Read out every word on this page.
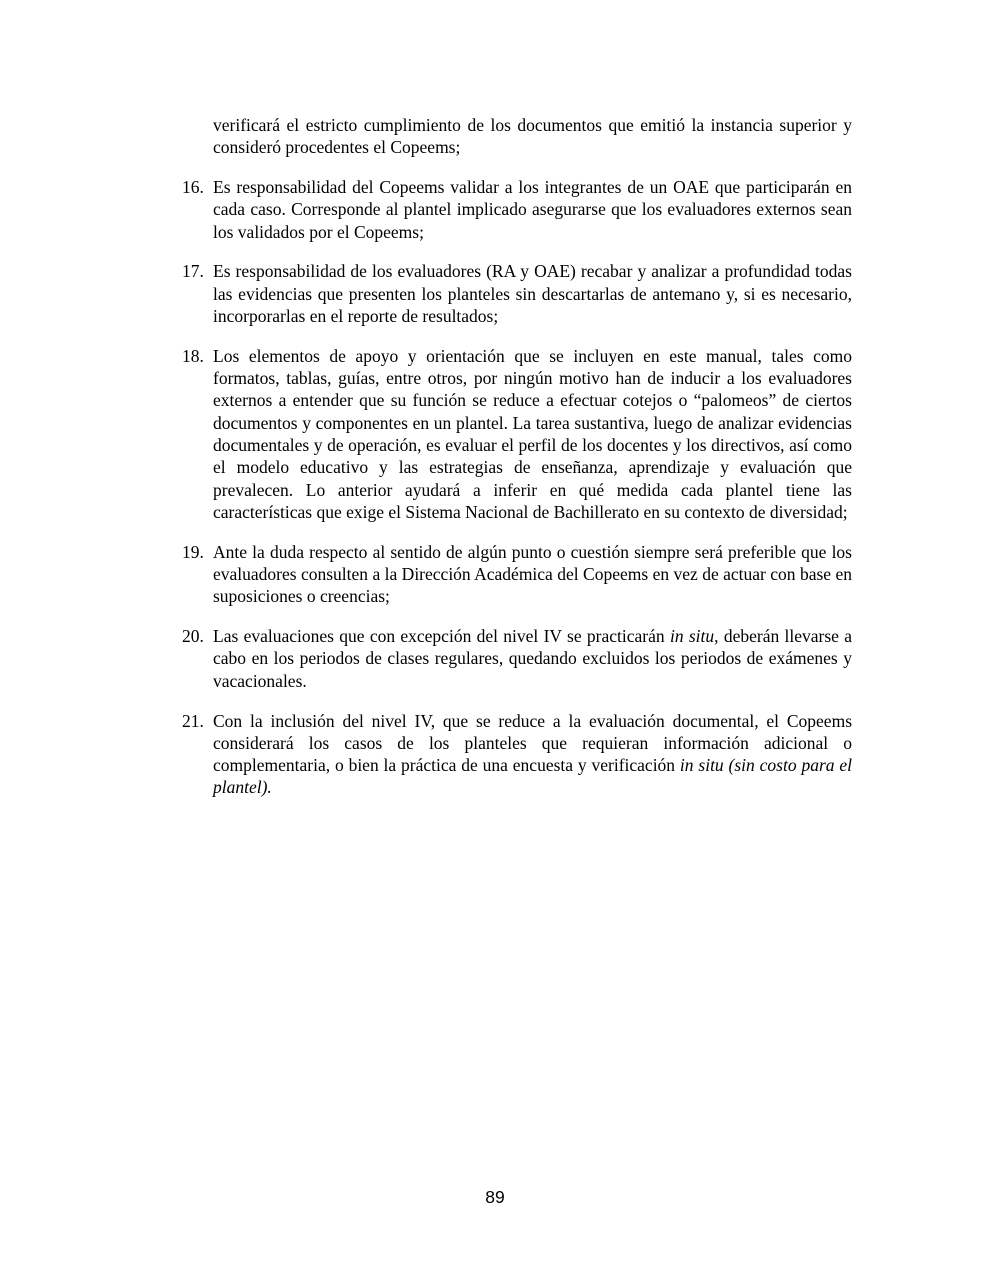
verificará el estricto cumplimiento de los documentos que emitió la instancia superior y consideró procedentes el Copeems;

16. Es responsabilidad del Copeems validar a los integrantes de un OAE que participarán en cada caso. Corresponde al plantel implicado asegurarse que los evaluadores externos sean los validados por el Copeems;

17. Es responsabilidad de los evaluadores (RA y OAE) recabar y analizar a profundidad todas las evidencias que presenten los planteles sin descartarlas de antemano y, si es necesario, incorporarlas en el reporte de resultados;

18. Los elementos de apoyo y orientación que se incluyen en este manual, tales como formatos, tablas, guías, entre otros, por ningún motivo han de inducir a los evaluadores externos a entender que su función se reduce a efectuar cotejos o “palomeos” de ciertos documentos y componentes en un plantel. La tarea sustantiva, luego de analizar evidencias documentales y de operación, es evaluar el perfil de los docentes y los directivos, así como el modelo educativo y las estrategias de enseñanza, aprendizaje y evaluación que prevalecen. Lo anterior ayudará a inferir en qué medida cada plantel tiene las características que exige el Sistema Nacional de Bachillerato en su contexto de diversidad;

19. Ante la duda respecto al sentido de algún punto o cuestión siempre será preferible que los evaluadores consulten a la Dirección Académica del Copeems en vez de actuar con base en suposiciones o creencias;

20. Las evaluaciones que con excepción del nivel IV se practicarán in situ, deberán llevarse a cabo en los periodos de clases regulares, quedando excluidos los periodos de exámenes y vacacionales.

21. Con la inclusión del nivel IV, que se reduce a la evaluación documental, el Copeems considerará los casos de los planteles que requieran información adicional o complementaria, o bien la práctica de una encuesta y verificación in situ (sin costo para el plantel).

89
